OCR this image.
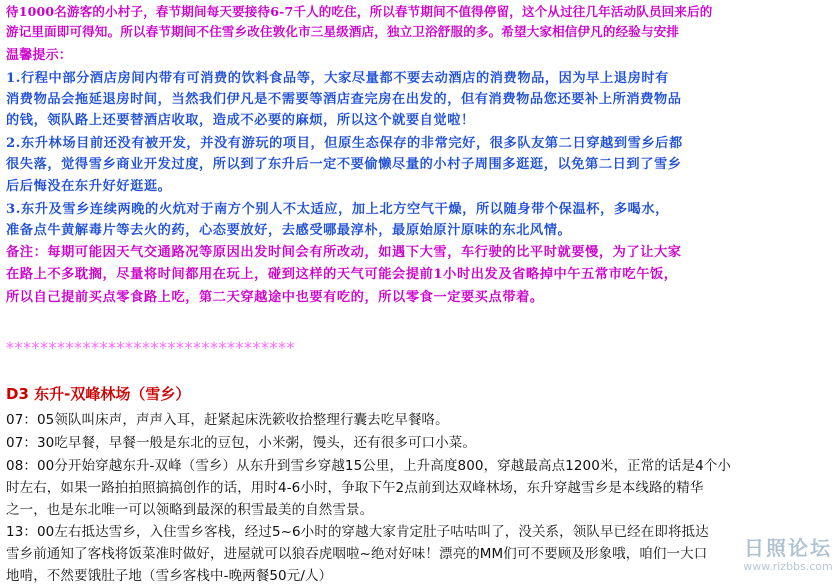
待1000名游客的小村子，春节期间每天要接待6-7千人的吃住，所以春节期间不值得停留，这个从过往几年活动队员回来后的
游记里面即可得知。所以春节期间不住雪乡改住敦化市三星级酒店，独立卫浴舒服的多。希望大家相信伊凡的经验与安排
温馨提示：
1.行程中部分酒店房间内带有可消费的饮料食品等，大家尽量都不要去动酒店的消费物品，因为早上退房时有
消费物品会拖延退房时间，当然我们伊凡是不需要等酒店查完房在出发的，但有消费物品您还要补上所消费物品
的钱，领队路上还要替酒店收取，造成不必要的麻烦，所以这个就要自觉啦！
2.东升林场目前还没有被开发，并没有游玩的项目，但原生态保存的非常完好，很多队友第二日穿越到雪乡后都
很失落，觉得雪乡商业开发过度，所以到了东升后一定不要偷懒尽量的小村子周围多逛逛，以免第二日到了雪乡
后后悔没在东升好好逛逛。
3.东升及雪乡连续两晚的火炕对于南方个别人不太适应，加上北方空气干燥，所以随身带个保温杯，多喝水，
准备点牛黄解毒片等去火的药，心态要放好，去感受哪最淳朴，最原始原汁原味的东北风情。
备注：每期可能因天气交通路况等原因出发时间会有所改动，如遇下大雪，车行驶的比平时就要慢，为了让大家
在路上不多耽搁，尽量将时间都用在玩上，碰到这样的天气可能会提前1小时出发及省略掉中午五常市吃午饭，
所以自己提前买点零食路上吃，第二天穿越途中也要有吃的，所以零食一定要买点带着。
**********************************
D3 东升-双峰林场（雪乡）
07：05领队叫床声，声声入耳，赶紧起床洗簌收拾整理行囊去吃早餐咯。
07：30吃早餐，早餐一般是东北的豆包，小米粥，馒头，还有很多可口小菜。
08：00分开始穿越东升-双峰（雪乡）从东升到雪乡穿越15公里，上升高度800，穿越最高点1200米，正常的话是4个小
时左右，如果一路拍拍照搞搞创作的话，用时4-6小时，争取下午2点前到达双峰林场，东升穿越雪乡是本线路的精华
之一，也是东北唯一可以领略到最深的积雪最美的自然雪景。
13：00左右抵达雪乡，入住雪乡客栈，经过5~6小时的穿越大家肯定肚子咕咕叫了，没关系，领队早已经在即将抵达
雪乡前通知了客栈将饭菜准时做好，进屋就可以狼吞虎咽啦~绝对好味！漂亮的MM们可不要顾及形象哦，咱们一大口
地啃，不然要饿肚子地（雪乡客栈中-晚两餐50元/人）
日照论坛
www.rizbbs.com
